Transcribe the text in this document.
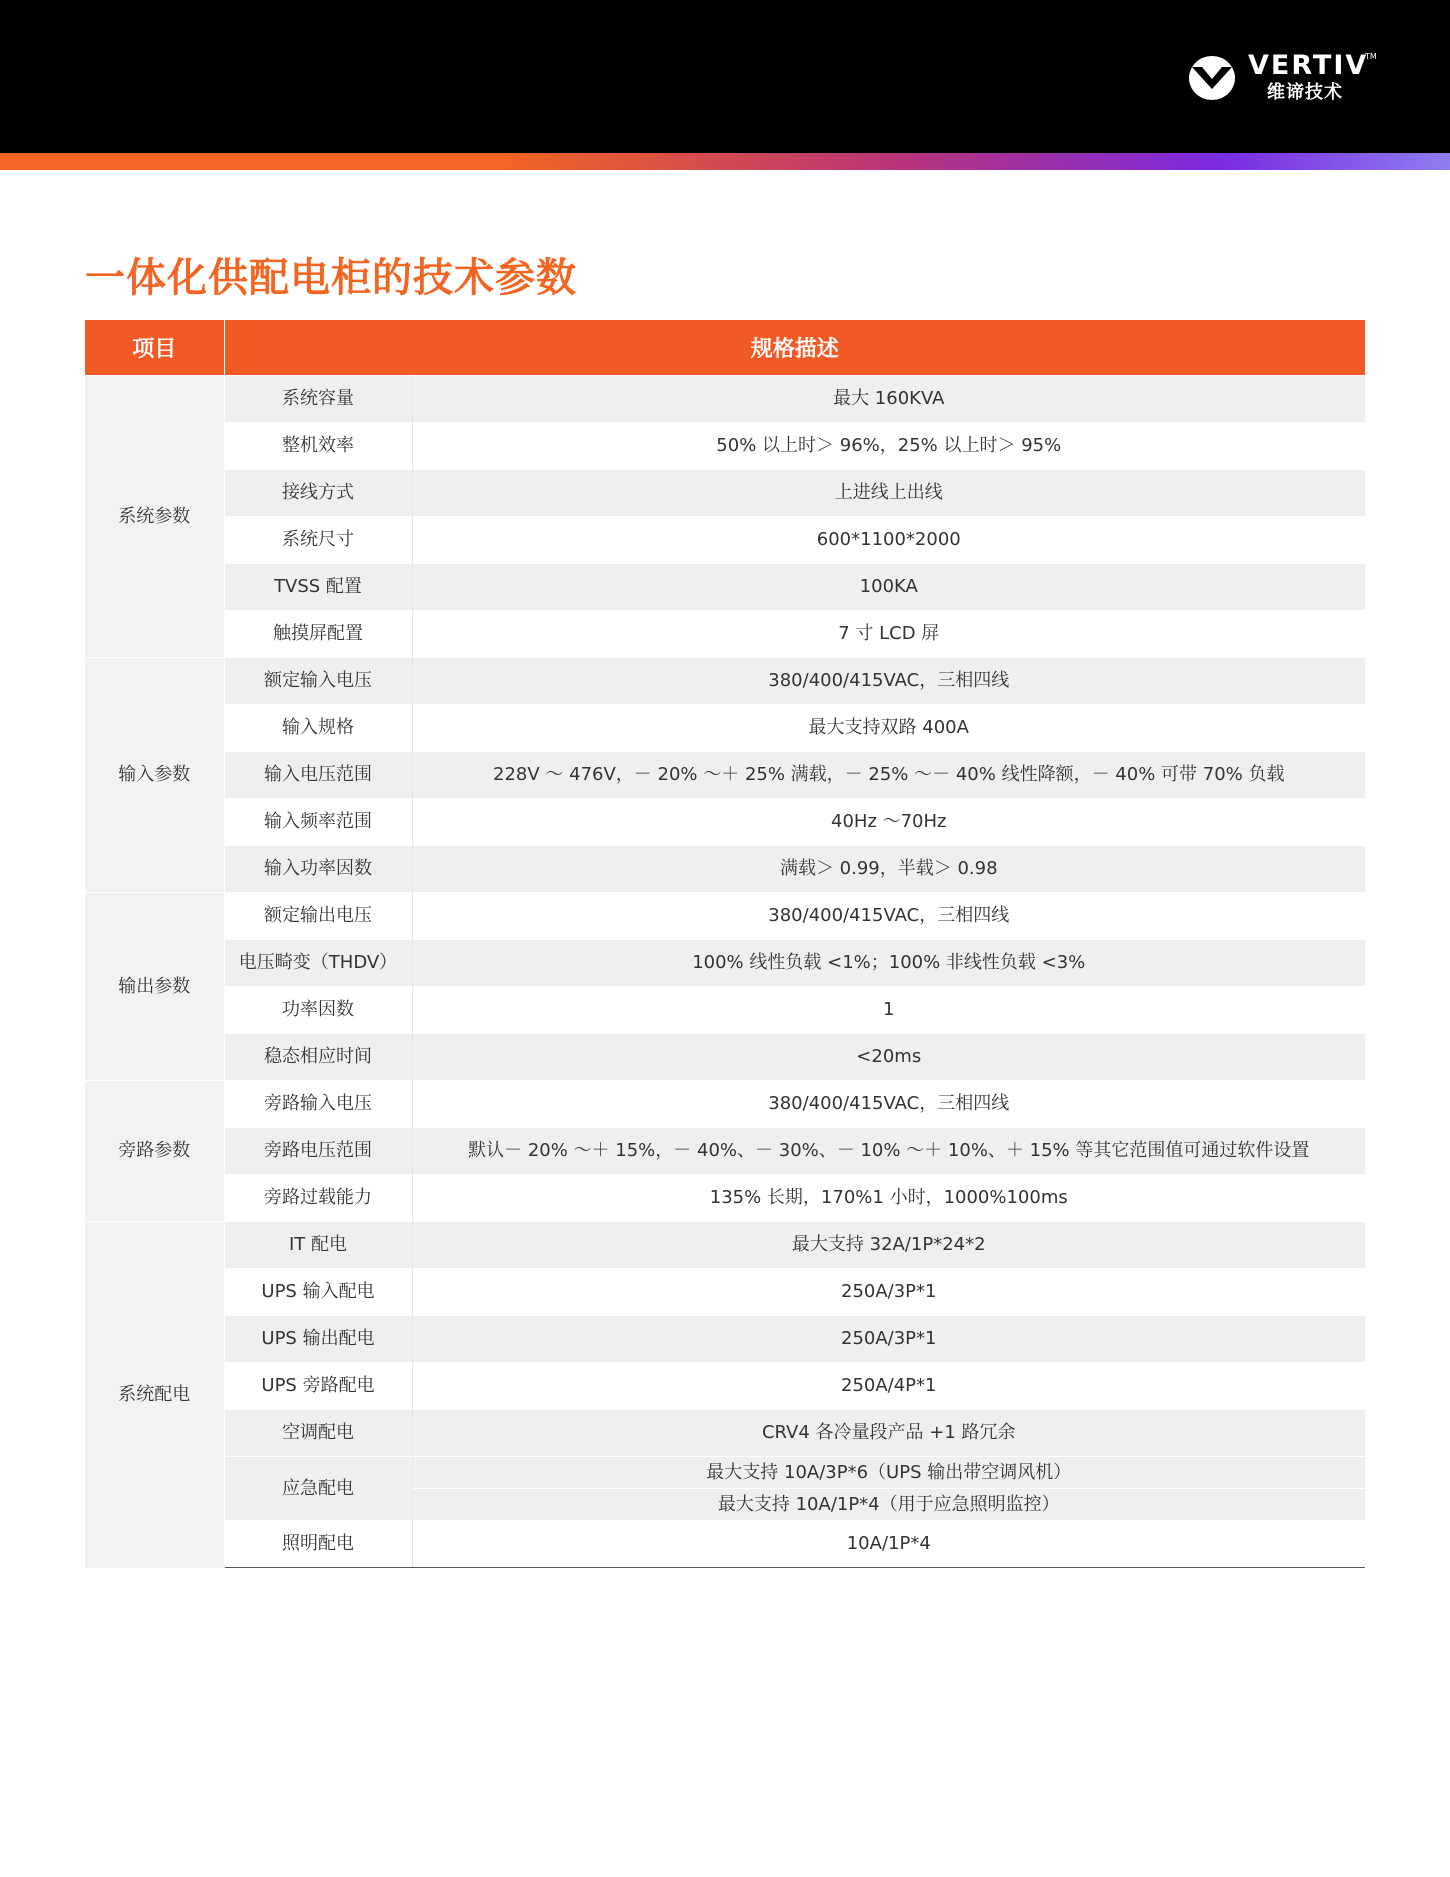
VERTIV
TM
维谛技术
一体化供配电柜的技术参数
项目	规格描述	
系统参数	系统容量	最大 160KVA
	整机效率	50% 以上时＞ 96%，25% 以上时＞ 95%
	接线方式	上进线上出线
	系统尺寸	600*1100*2000
	TVSS 配置	100KA
	触摸屏配置	7 寸 LCD 屏
输入参数	额定输入电压	380/400/415VAC，三相四线
	输入规格	最大支持双路 400A
	输入电压范围	228V ～ 476V，－ 20% ～＋ 25% 满载，－ 25% ～－ 40% 线性降额，－ 40% 可带 70% 负载
	输入频率范围	40Hz ～70Hz
	输入功率因数	满载＞ 0.99，半载＞ 0.98
输出参数	额定输出电压	380/400/415VAC，三相四线
	电压畸变（THDV）	100% 线性负载 <1%；100% 非线性负载 <3%
	功率因数	1
	稳态相应时间	<20ms
旁路参数	旁路输入电压	380/400/415VAC，三相四线
	旁路电压范围	默认－ 20% ～＋ 15%，－ 40%、－ 30%、－ 10% ～＋ 10%、＋ 15% 等其它范围值可通过软件设置
	旁路过载能力	135% 长期，170%1 小时，1000%100ms
系统配电	IT 配电	最大支持 32A/1P*24*2
	UPS 输入配电	250A/3P*1
	UPS 输出配电	250A/3P*1
	UPS 旁路配电	250A/4P*1
	空调配电	CRV4 各冷量段产品 +1 路冗余
	应急配电	最大支持 10A/3P*6（UPS 输出带空调风机）
		最大支持 10A/1P*4（用于应急照明监控）
	照明配电	10A/1P*4
